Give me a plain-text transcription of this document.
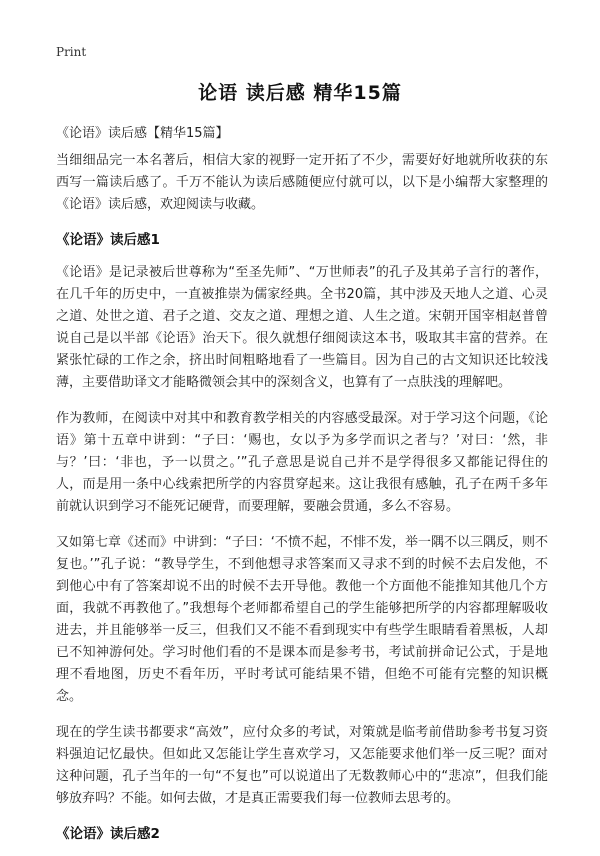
Print
论语 读后感 精华15篇
《论语》读后感【精华15篇】

当细细品完一本名著后，相信大家的视野一定开拓了不少，需要好好地就所收获的东西写一篇读后感了。千万不能认为读后感随便应付就可以，以下是小编帮大家整理的《论语》读后感，欢迎阅读与收藏。

《论语》读后感1

《论语》是记录被后世尊称为“至圣先师”、“万世师表”的孔子及其弟子言行的著作，在几千年的历史中，一直被推崇为儒家经典。全书20篇，其中涉及天地人之道、心灵之道、处世之道、君子之道、交友之道、理想之道、人生之道。宋朝开国宰相赵普曾说自己是以半部《论语》治天下。很久就想仔细阅读这本书，吸取其丰富的营养。在紧张忙碌的工作之余，挤出时间粗略地看了一些篇目。因为自己的古文知识还比较浅薄，主要借助译文才能略微领会其中的深刻含义，也算有了一点肤浅的理解吧。

作为教师，在阅读中对其中和教育教学相关的内容感受最深。对于学习这个问题，《论语》第十五章中讲到：“子曰：‘赐也，女以予为多学而识之者与？’对曰：‘然，非与？’曰：‘非也，予一以贯之。’”孔子意思是说自己并不是学得很多又都能记得住的人，而是用一条中心线索把所学的内容贯穿起来。这让我很有感触，孔子在两千多年前就认识到学习不能死记硬背，而要理解，要融会贯通，多么不容易。

又如第七章《述而》中讲到：“子曰：‘不愤不起，不悱不发，举一隅不以三隅反，则不复也。’”孔子说：“教导学生，不到他想寻求答案而又寻求不到的时候不去启发他，不到他心中有了答案却说不出的时候不去开导他。教他一个方面他不能推知其他几个方面，我就不再教他了。”我想每个老师都希望自己的学生能够把所学的内容都理解吸收进去，并且能够举一反三，但我们又不能不看到现实中有些学生眼睛看着黑板，人却已不知神游何处。学习时他们看的不是课本而是参考书，考试前拼命记公式，于是地理不看地图，历史不看年历，平时考试可能结果不错，但绝不可能有完整的知识概念。

现在的学生读书都要求“高效”，应付众多的考试，对策就是临考前借助参考书复习资料强迫记忆最快。但如此又怎能让学生喜欢学习，又怎能要求他们举一反三呢？面对这种问题，孔子当年的一句“不复也”可以说道出了无数教师心中的“悲凉”，但我们能够放弃吗？不能。如何去做，才是真正需要我们每一位教师去思考的。

《论语》读后感2
